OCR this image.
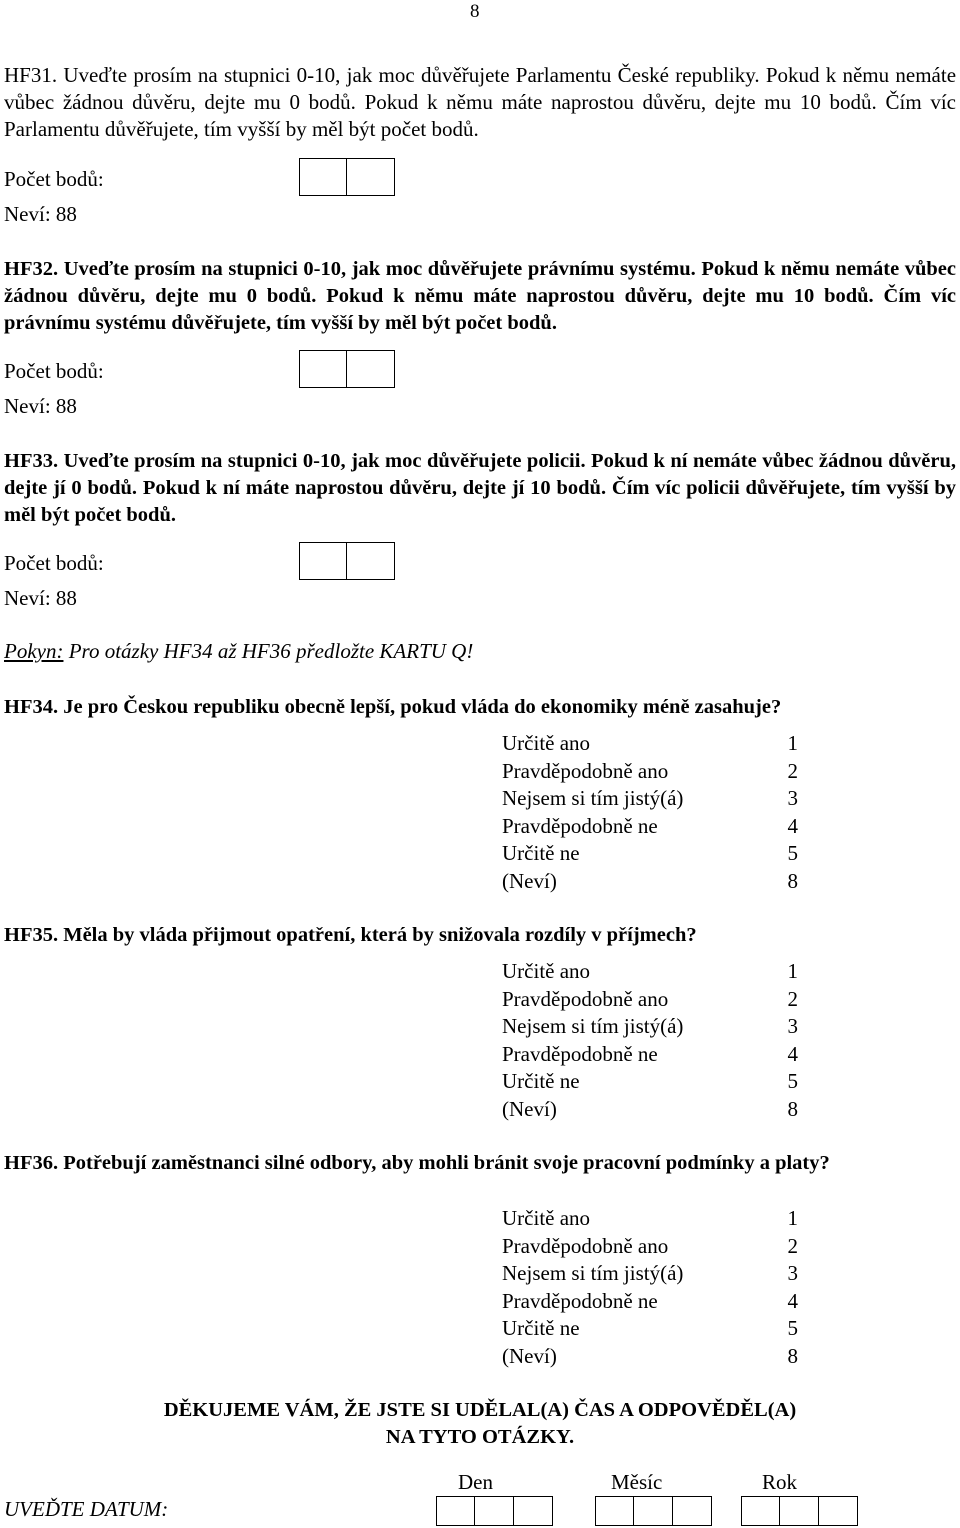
8
HF31. Uveďte prosím na stupnici 0-10, jak moc důvěřujete Parlamentu České republiky. Pokud k němu nemáte vůbec žádnou důvěru, dejte mu 0 bodů. Pokud k němu máte naprostou důvěru, dejte mu 10 bodů. Čím víc Parlamentu důvěřujete, tím vyšší by měl být počet bodů.
Počet bodů:
Neví: 88
HF32. Uveďte prosím na stupnici 0-10, jak moc důvěřujete právnímu systému. Pokud k němu nemáte vůbec žádnou důvěru, dejte mu 0 bodů. Pokud k němu máte naprostou důvěru, dejte mu 10 bodů. Čím víc právnímu systému důvěřujete, tím vyšší by měl být počet bodů.
Počet bodů:
Neví: 88
HF33. Uveďte prosím na stupnici 0-10, jak moc důvěřujete policii. Pokud k ní nemáte vůbec žádnou důvěru, dejte jí 0 bodů. Pokud k ní máte naprostou důvěru, dejte jí 10 bodů. Čím víc policii důvěřujete, tím vyšší by měl být počet bodů.
Počet bodů:
Neví: 88
Pokyn: Pro otázky HF34 až HF36 předložte KARTU Q!
HF34. Je pro Českou republiku obecně lepší, pokud vláda do ekonomiky méně zasahuje?
Určitě ano	1
Pravděpodobně ano	2
Nejsem si tím jistý(á)	3
Pravděpodobně ne	4
Určitě ne	5
(Neví)	8
HF35. Měla by vláda přijmout opatření, která by snižovala rozdíly v příjmech?
Určitě ano	1
Pravděpodobně ano	2
Nejsem si tím jistý(á)	3
Pravděpodobně ne	4
Určitě ne	5
(Neví)	8
HF36. Potřebují zaměstnanci silné odbory, aby mohli bránit svoje pracovní podmínky a platy?
Určitě ano	1
Pravděpodobně ano	2
Nejsem si tím jistý(á)	3
Pravděpodobně ne	4
Určitě ne	5
(Neví)	8
DĚKUJEME VÁM, ŽE JSTE SI UDĚLAL(A) ČAS A ODPOVĚDĚL(A)
NA TYTO OTÁZKY.
UVEĎTE DATUM:
Den	Měsíc	Rok
